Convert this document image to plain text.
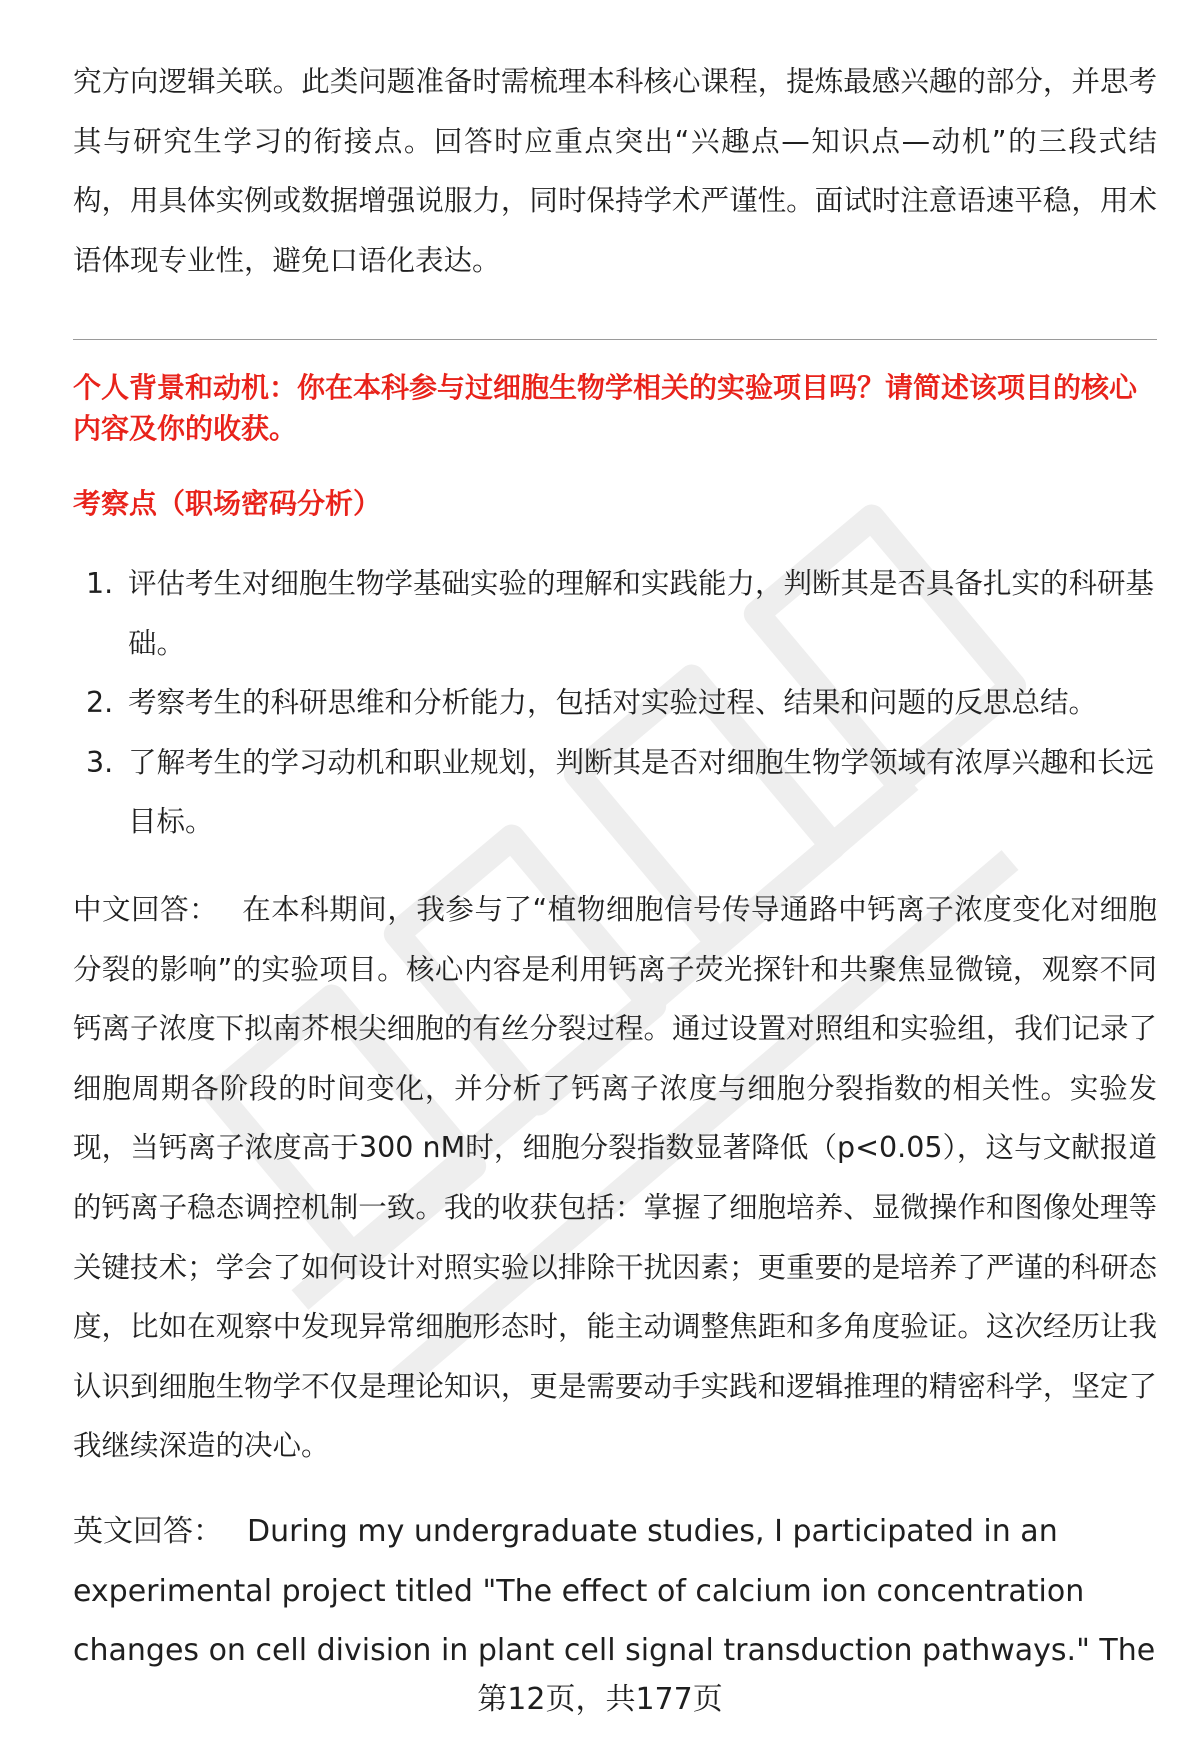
究方向逻辑关联。此类问题准备时需梳理本科核心课程，提炼最感兴趣的部分，并思考其与研究生学习的衔接点。回答时应重点突出“兴趣点—知识点—动机”的三段式结构，用具体实例或数据增强说服力，同时保持学术严谨性。面试时注意语速平稳，用术语体现专业性，避免口语化表达。

个人背景和动机：你在本科参与过细胞生物学相关的实验项目吗？请简述该项目的核心内容及你的收获。

考察点（职场密码分析）

1. 评估考生对细胞生物学基础实验的理解和实践能力，判断其是否具备扎实的科研基础。
2. 考察考生的科研思维和分析能力，包括对实验过程、结果和问题的反思总结。
3. 了解考生的学习动机和职业规划，判断其是否对细胞生物学领域有浓厚兴趣和长远目标。

中文回答： 在本科期间，我参与了“植物细胞信号传导通路中钙离子浓度变化对细胞分裂的影响”的实验项目。核心内容是利用钙离子荧光探针和共聚焦显微镜，观察不同钙离子浓度下拟南芥根尖细胞的有丝分裂过程。通过设置对照组和实验组，我们记录了细胞周期各阶段的时间变化，并分析了钙离子浓度与细胞分裂指数的相关性。实验发现，当钙离子浓度高于300 nM时，细胞分裂指数显著降低（p<0.05），这与文献报道的钙离子稳态调控机制一致。我的收获包括：掌握了细胞培养、显微操作和图像处理等关键技术；学会了如何设计对照实验以排除干扰因素；更重要的是培养了严谨的科研态度，比如在观察中发现异常细胞形态时，能主动调整焦距和多角度验证。这次经历让我认识到细胞生物学不仅是理论知识，更是需要动手实践和逻辑推理的精密科学，坚定了我继续深造的决心。

英文回答： During my undergraduate studies, I participated in an experimental project titled "The effect of calcium ion concentration changes on cell division in plant cell signal transduction pathways." The

第12页，共177页
